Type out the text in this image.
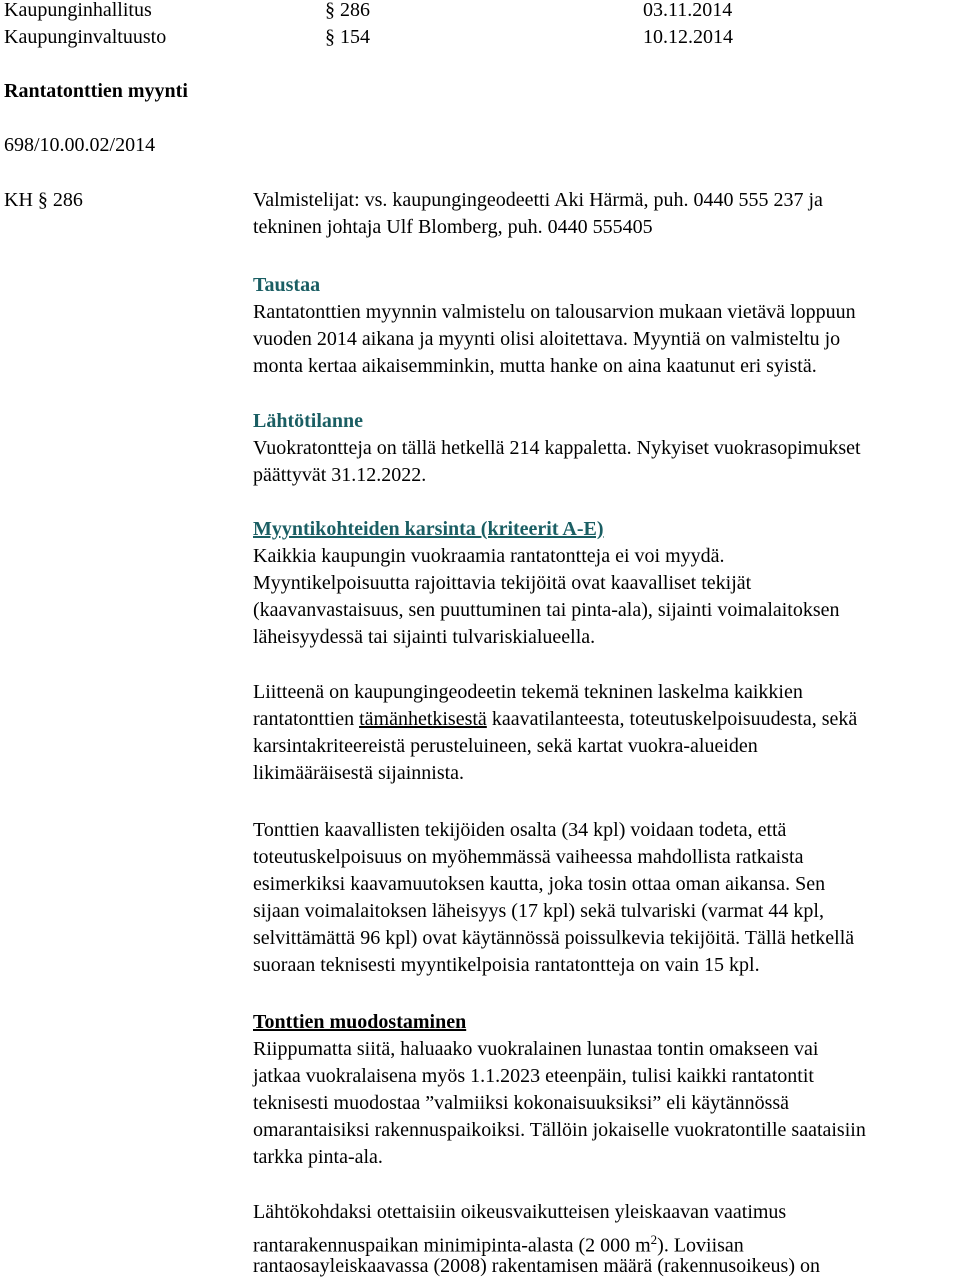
Kaupunginhallitus	§ 286	03.11.2014
Kaupunginvaltuusto	§ 154	10.12.2014
Rantatonttien myynti
698/10.00.02/2014
KH § 286	Valmistelijat: vs. kaupungingeodeetti Aki Härmä, puh. 0440 555 237 ja
tekninen johtaja Ulf Blomberg, puh. 0440 555405
Taustaa
Rantatonttien myynnin valmistelu on talousarvion mukaan vietävä loppuun
vuoden 2014 aikana ja myynti olisi aloitettava. Myyntiä on valmisteltu jo
monta kertaa aikaisemminkin, mutta hanke on aina kaatunut eri syistä.
Lähtötilanne
Vuokratontteja on tällä hetkellä 214 kappaletta. Nykyiset vuokrasopimukset
päättyvät 31.12.2022.
Myyntikohteiden karsinta (kriteerit A-E)
Kaikkia kaupungin vuokraamia rantatontteja ei voi myydä.
Myyntikelpoisuutta rajoittavia tekijöitä ovat kaavalliset tekijät
(kaavanvastaisuus, sen puuttuminen tai pinta-ala), sijainti voimalaitoksen
läheisyydessä tai sijainti tulvariskialueella.
Liitteenä on kaupungingeodeetin tekemä tekninen laskelma kaikkien
rantatonttien tämänhetkisestä kaavatilanteesta, toteutuskelpoisuudesta, sekä
karsintakriteereistä perusteluineen, sekä kartat vuokra-alueiden
likimääräisestä sijainnista.
Tonttien kaavallisten tekijöiden osalta (34 kpl) voidaan todeta, että
toteutuskelpoisuus on myöhemmässä vaiheessa mahdollista ratkaista
esimerkiksi kaavamuutoksen kautta, joka tosin ottaa oman aikansa. Sen
sijaan voimalaitoksen läheisyys (17 kpl) sekä tulvariski (varmat 44 kpl,
selvittämättä 96 kpl) ovat käytännössä poissulkevia tekijöitä. Tällä hetkellä
suoraan teknisesti myyntikelpoisia rantatontteja on vain 15 kpl.
Tonttien muodostaminen
Riippumatta siitä, haluaako vuokralainen lunastaa tontin omakseen vai
jatkaa vuokralaisena myös 1.1.2023 eteenpäin, tulisi kaikki rantatontit
teknisesti muodostaa ”valmiiksi kokonaisuuksiksi” eli käytännössä
omarantaisiksi rakennuspaikoiksi. Tällöin jokaiselle vuokratontille saataisiin
tarkka pinta-ala.
Lähtökohdaksi otettaisiin oikeusvaikutteisen yleiskaavan vaatimus
rantarakennuspaikan minimipinta-alasta (2 000 $m^2$). Loviisan
rantaosayleiskaavassa (2008) rakentamisen määrä (rakennusoikeus) on
